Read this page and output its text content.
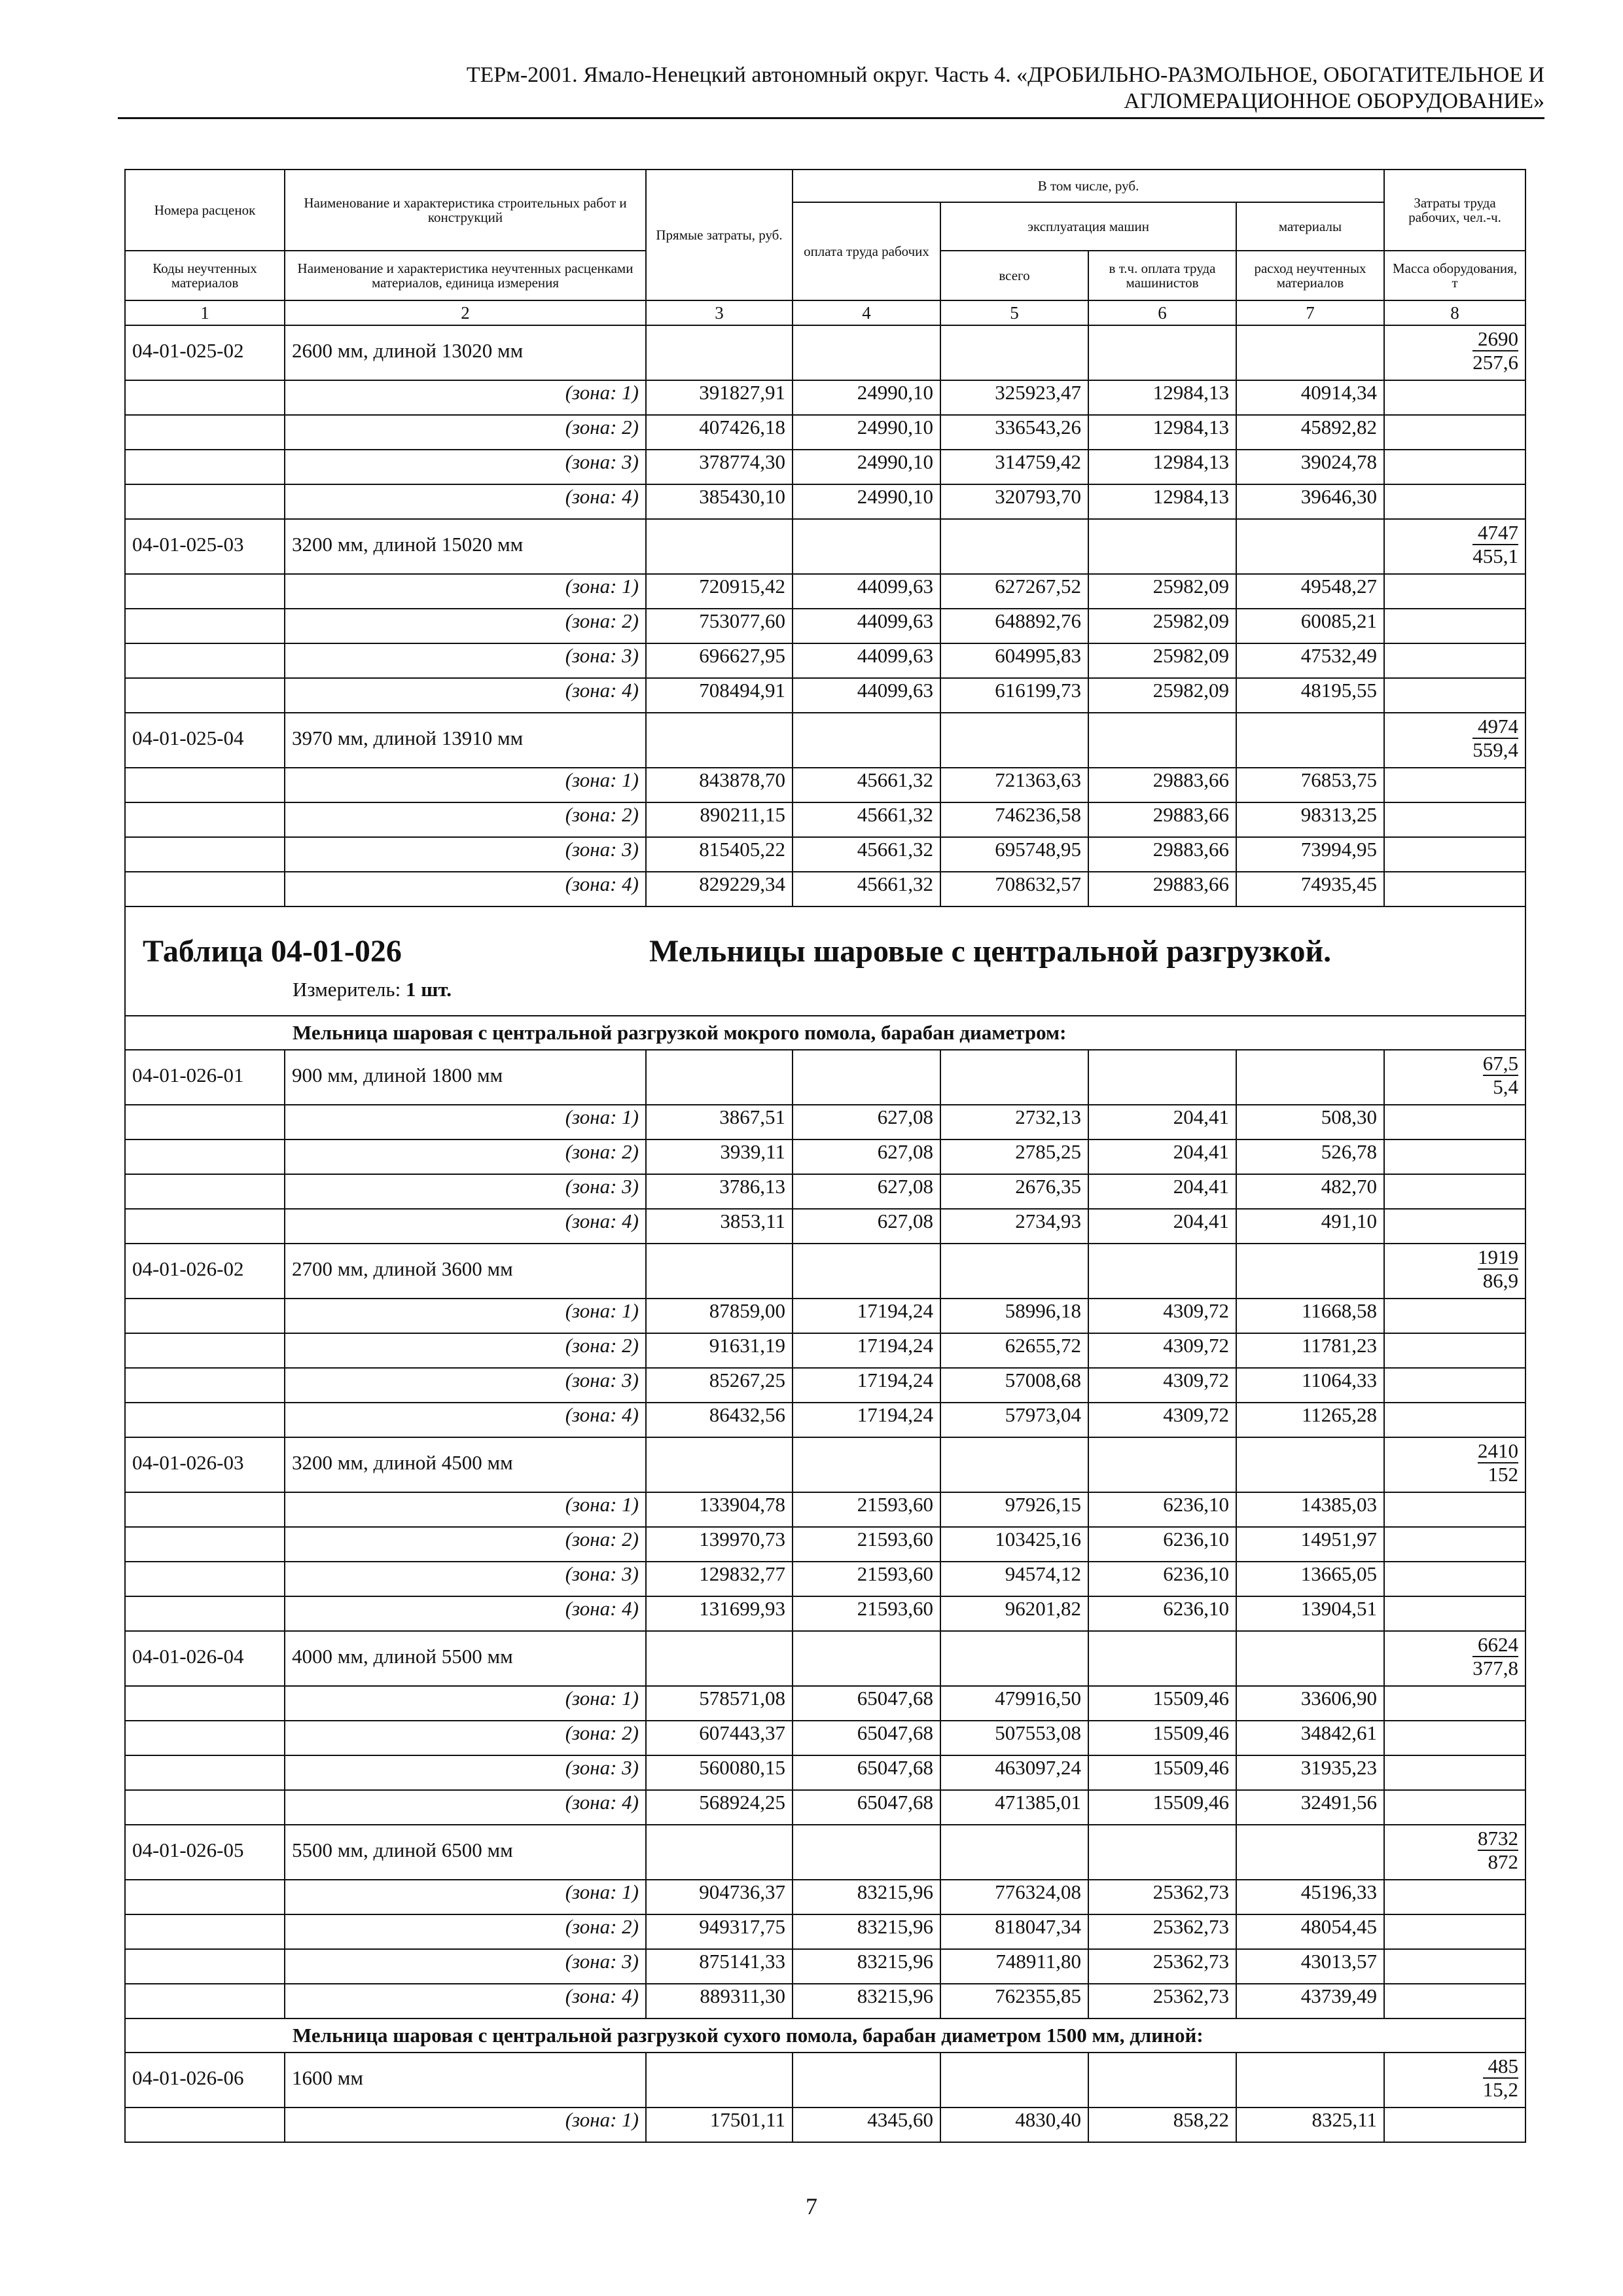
ТЕРм-2001. Ямало-Ненецкий автономный округ. Часть 4. «ДРОБИЛЬНО-РАЗМОЛЬНОЕ, ОБОГАТИТЕЛЬНОЕ И
АГЛОМЕРАЦИОННОЕ ОБОРУДОВАНИЕ»
Номера расценок	Наименование и характеристика строительных работ и конструкций	Прямые затраты, руб.	В том числе, руб.				Затраты труда рабочих, чел.-ч.
			оплата труда рабочих	эксплуатация машин		материалы	
Коды неучтенных материалов	Наименование и характеристика неучтенных расценками материалов, единица измерения			всего	в т.ч. оплата труда машинистов	расход неучтенных материалов	Масса оборудования, т
1	2	3	4	5	6	7	8
04-01-025-02	2600 мм, длиной 13020 мм						$\frac{2690}{257,6}$

	(зона: 1)	391827,91	24990,10	325923,47	12984,13	40914,34	
	(зона: 2)	407426,18	24990,10	336543,26	12984,13	45892,82	
	(зона: 3)	378774,30	24990,10	314759,42	12984,13	39024,78	
	(зона: 4)	385430,10	24990,10	320793,70	12984,13	39646,30	
04-01-025-03	3200 мм, длиной 15020 мм						$\frac{4747}{455,1}$

	(зона: 1)	720915,42	44099,63	627267,52	25982,09	49548,27	
	(зона: 2)	753077,60	44099,63	648892,76	25982,09	60085,21	
	(зона: 3)	696627,95	44099,63	604995,83	25982,09	47532,49	
	(зона: 4)	708494,91	44099,63	616199,73	25982,09	48195,55	
04-01-025-04	3970 мм, длиной 13910 мм						$\frac{4974}{559,4}$

	(зона: 1)	843878,70	45661,32	721363,63	29883,66	76853,75	
	(зона: 2)	890211,15	45661,32	746236,58	29883,66	98313,25	
	(зона: 3)	815405,22	45661,32	695748,95	29883,66	73994,95	
	(зона: 4)	829229,34	45661,32	708632,57	29883,66	74935,45	

Таблица 04-01-026 Мельницы шаровые с центральной разгрузкой.
Измеритель: 1 шт.							

Мельница шаровая с центральной разгрузкой мокрого помола, барабан диаметром:							
04-01-026-01	900 мм, длиной 1800 мм						$\frac{67,5}{5,4}$

	(зона: 1)	3867,51	627,08	2732,13	204,41	508,30	
	(зона: 2)	3939,11	627,08	2785,25	204,41	526,78	
	(зона: 3)	3786,13	627,08	2676,35	204,41	482,70	
	(зона: 4)	3853,11	627,08	2734,93	204,41	491,10	
04-01-026-02	2700 мм, длиной 3600 мм						$\frac{1919}{86,9}$

	(зона: 1)	87859,00	17194,24	58996,18	4309,72	11668,58	
	(зона: 2)	91631,19	17194,24	62655,72	4309,72	11781,23	
	(зона: 3)	85267,25	17194,24	57008,68	4309,72	11064,33	
	(зона: 4)	86432,56	17194,24	57973,04	4309,72	11265,28	
04-01-026-03	3200 мм, длиной 4500 мм						$\frac{2410}{152}$

	(зона: 1)	133904,78	21593,60	97926,15	6236,10	14385,03	
	(зона: 2)	139970,73	21593,60	103425,16	6236,10	14951,97	
	(зона: 3)	129832,77	21593,60	94574,12	6236,10	13665,05	
	(зона: 4)	131699,93	21593,60	96201,82	6236,10	13904,51	
04-01-026-04	4000 мм, длиной 5500 мм						$\frac{6624}{377,8}$

	(зона: 1)	578571,08	65047,68	479916,50	15509,46	33606,90	
	(зона: 2)	607443,37	65047,68	507553,08	15509,46	34842,61	
	(зона: 3)	560080,15	65047,68	463097,24	15509,46	31935,23	
	(зона: 4)	568924,25	65047,68	471385,01	15509,46	32491,56	
04-01-026-05	5500 мм, длиной 6500 мм						$\frac{8732}{872}$

	(зона: 1)	904736,37	83215,96	776324,08	25362,73	45196,33	
	(зона: 2)	949317,75	83215,96	818047,34	25362,73	48054,45	
	(зона: 3)	875141,33	83215,96	748911,80	25362,73	43013,57	
	(зона: 4)	889311,30	83215,96	762355,85	25362,73	43739,49	
Мельница шаровая с центральной разгрузкой сухого помола, барабан диаметром 1500 мм, длиной:							
04-01-026-06	1600 мм						$\frac{485}{15,2}$

	(зона: 1)	17501,11	4345,60	4830,40	858,22	8325,11	
7
